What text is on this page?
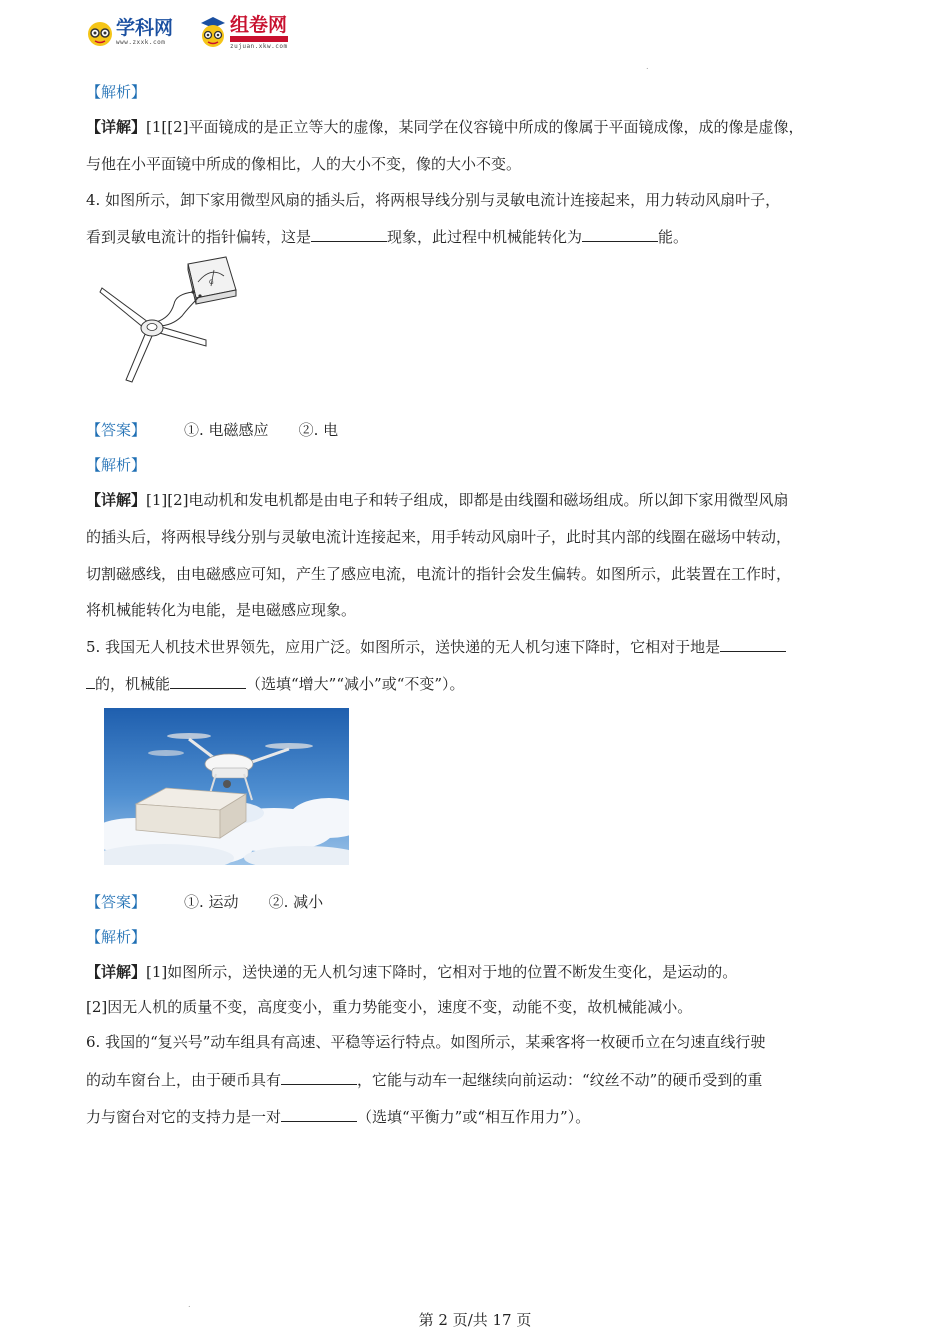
学科网
www.zxxk.com
组卷网

zujuan.xkw.com
.
【解析】
【详解】[1[[2]平面镜成的是正立等大的虚像，某同学在仪容镜中所成的像属于平面镜成像，成的像是虚像，
与他在小平面镜中所成的像相比，人的大小不变，像的大小不变。
4. 如图所示，卸下家用微型风扇的插头后，将两根导线分别与灵敏电流计连接起来，用力转动风扇叶子，
看到灵敏电流计的指针偏转，这是	现象，此过程中机械能转化为	能。
G
【答案】	①. 电磁感应 ②. 电
【解析】
【详解】[1][2]电动机和发电机都是由电子和转子组成，即都是由线圈和磁场组成。所以卸下家用微型风扇
的插头后，将两根导线分别与灵敏电流计连接起来，用手转动风扇叶子，此时其内部的线圈在磁场中转动，
切割磁感线，由电磁感应可知，产生了感应电流，电流计的指针会发生偏转。如图所示，此装置在工作时，
将机械能转化为电能，是电磁感应现象。
5. 我国无人机技术世界领先，应用广泛。如图所示，送快递的无人机匀速下降时，它相对于地是
的，机械能	（选填“增大”“减小”或“不变”）。
【答案】	①. 运动 ②. 减小
【解析】
【详解】[1]如图所示，送快递的无人机匀速下降时，它相对于地的位置不断发生变化，是运动的。
[2]因无人机的质量不变，高度变小，重力势能变小，速度不变，动能不变，故机械能减小。
6. 我国的“复兴号”动车组具有高速、平稳等运行特点。如图所示，某乘客将一枚硬币立在匀速直线行驶
的动车窗台上，由于硬币具有	，它能与动车一起继续向前运动：“纹丝不动”的硬币受到的重
力与窗台对它的支持力是一对	（选填“平衡力”或“相互作用力”）。
.
第 2 页/共 17 页
